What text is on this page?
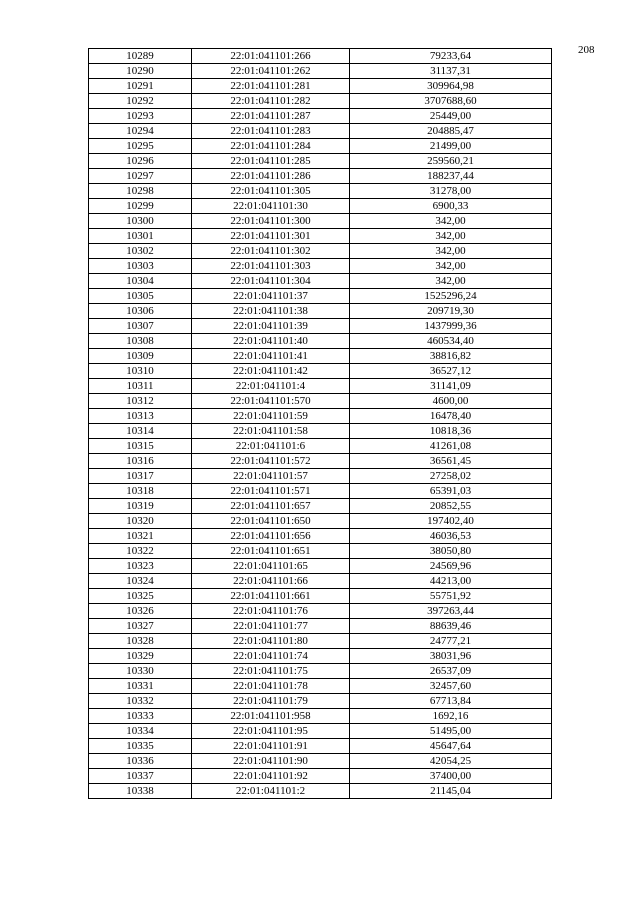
208
10289	22:01:041101:266	79233,64
10290	22:01:041101:262	31137,31
10291	22:01:041101:281	309964,98
10292	22:01:041101:282	3707688,60
10293	22:01:041101:287	25449,00
10294	22:01:041101:283	204885,47
10295	22:01:041101:284	21499,00
10296	22:01:041101:285	259560,21
10297	22:01:041101:286	188237,44
10298	22:01:041101:305	31278,00
10299	22:01:041101:30	6900,33
10300	22:01:041101:300	342,00
10301	22:01:041101:301	342,00
10302	22:01:041101:302	342,00
10303	22:01:041101:303	342,00
10304	22:01:041101:304	342,00
10305	22:01:041101:37	1525296,24
10306	22:01:041101:38	209719,30
10307	22:01:041101:39	1437999,36
10308	22:01:041101:40	460534,40
10309	22:01:041101:41	38816,82
10310	22:01:041101:42	36527,12
10311	22:01:041101:4	31141,09
10312	22:01:041101:570	4600,00
10313	22:01:041101:59	16478,40
10314	22:01:041101:58	10818,36
10315	22:01:041101:6	41261,08
10316	22:01:041101:572	36561,45
10317	22:01:041101:57	27258,02
10318	22:01:041101:571	65391,03
10319	22:01:041101:657	20852,55
10320	22:01:041101:650	197402,40
10321	22:01:041101:656	46036,53
10322	22:01:041101:651	38050,80
10323	22:01:041101:65	24569,96
10324	22:01:041101:66	44213,00
10325	22:01:041101:661	55751,92
10326	22:01:041101:76	397263,44
10327	22:01:041101:77	88639,46
10328	22:01:041101:80	24777,21
10329	22:01:041101:74	38031,96
10330	22:01:041101:75	26537,09
10331	22:01:041101:78	32457,60
10332	22:01:041101:79	67713,84
10333	22:01:041101:958	1692,16
10334	22:01:041101:95	51495,00
10335	22:01:041101:91	45647,64
10336	22:01:041101:90	42054,25
10337	22:01:041101:92	37400,00
10338	22:01:041101:2	21145,04
